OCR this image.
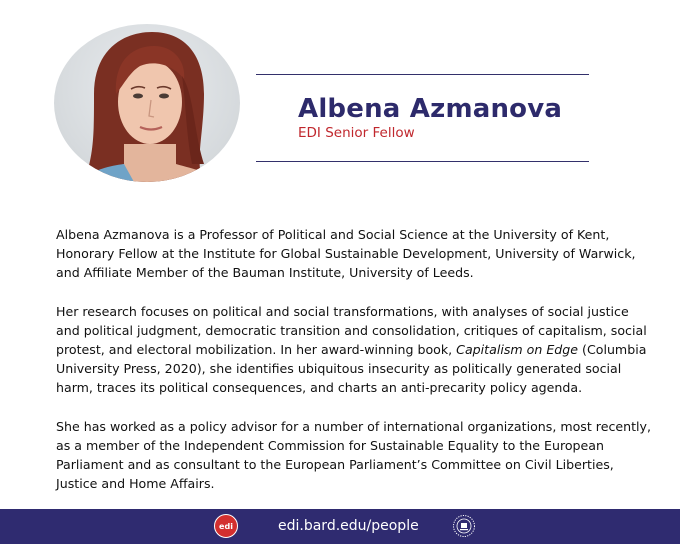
Albena Azmanova
EDI Senior Fellow

Albena Azmanova is a Professor of Political and Social Science at the University of Kent, Honorary Fellow at the Institute for Global Sustainable Development, University of Warwick, and Affiliate Member of the Bauman Institute, University of Leeds.

Her research focuses on political and social transformations, with analyses of social justice and political judgment, democratic transition and consolidation, critiques of capitalism, social protest, and electoral mobilization. In her award-winning book, Capitalism on Edge (Columbia University Press, 2020), she identifies ubiquitous insecurity as politically generated social harm, traces its political consequences, and charts an anti-precarity policy agenda.

She has worked as a policy advisor for a number of international organizations, most recently, as a member of the Independent Commission for Sustainable Equality to the European Parliament and as consultant to the European Parliament’s Committee on Civil Liberties, Justice and Home Affairs.

edi	edi.bard.edu/people
